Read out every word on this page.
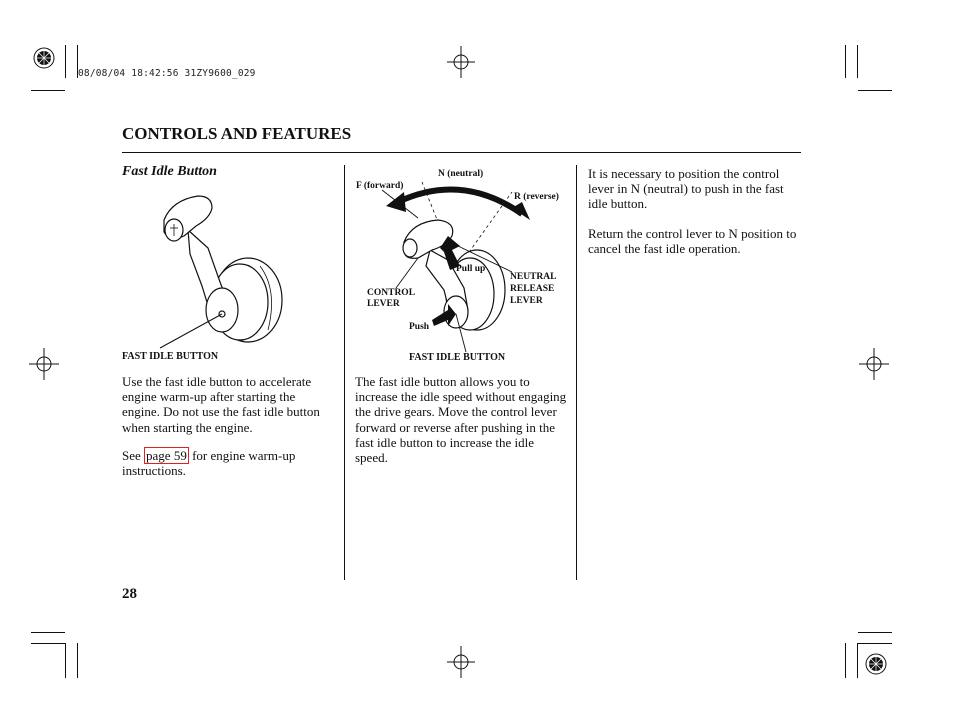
08/08/04 18:42:56 31ZY9600_029
CONTROLS AND FEATURES
Fast Idle Button
FAST IDLE BUTTON
Use the fast idle button to accelerate engine warm-up after starting the engine. Do not use the fast idle button when starting the engine.
See page 59 for engine warm-up instructions.
N (neutral)
F (forward)
R (reverse)
Pull up
NEUTRAL
RELEASE
LEVER
CONTROL
LEVER
Push
FAST IDLE BUTTON
The fast idle button allows you to increase the idle speed without engaging the drive gears. Move the control lever forward or reverse after pushing in the fast idle button to increase the idle speed.
It is necessary to position the control lever in N (neutral) to push in the fast idle button.
Return the control lever to N position to cancel the fast idle operation.
28
